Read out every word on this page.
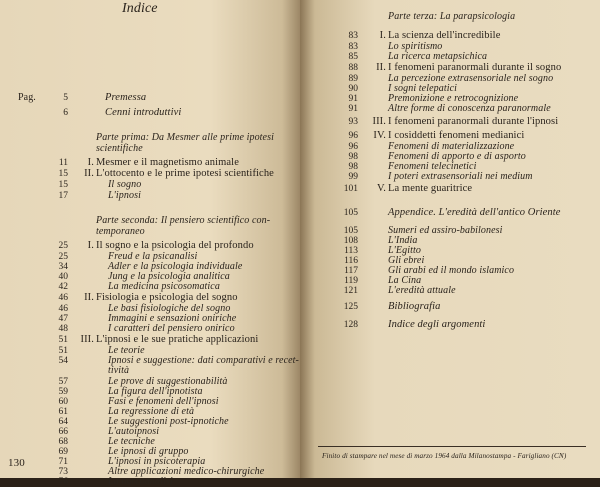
Indice
Pag.	5	Premessa
6	Cenni introduttivi
Parte prima: Da Mesmer alle prime ipotesi
scientifiche
11 I. Mesmer e il magnetismo animale
15 II. L'ottocento e le prime ipotesi scientifiche
15	Il sogno
17	L'ipnosi
Parte seconda: Il pensiero scientifico con-
temporaneo
25 I. Il sogno e la psicologia del profondo
25	Freud e la psicanalisi
34	Adler e la psicologia individuale
40	Jung e la psicologia analitica
42	La medicina psicosomatica
46 II. Fisiologia e psicologia del sogno
46	Le basi fisiologiche del sogno
47	Immagini e sensazioni oniriche
48	I caratteri del pensiero onirico
51 III. L'ipnosi e le sue pratiche applicazioni
51	Le teorie
54	Ipnosi e suggestione: dati comparativi e recet-
tività
57	Le prove di suggestionabilità
59	La figura dell'ipnotista
60	Fasi e fenomeni dell'ipnosi
61	La regressione di età
64	Le suggestioni post-ipnotiche
66	L'autoipnosi
68	Le tecniche
69	Le ipnosi di gruppo
71	L'ipnosi in psicoterapia
73	Altre applicazioni medico-chirurgiche
76	La narcoanalisi
130
Parte terza: La parapsicologia
83 I. La scienza dell'incredibile
83	Lo spiritismo
85	La ricerca metapsichica
88 II. I fenomeni paranormali durante il sogno
89	La percezione extrasensoriale nel sogno
90	I sogni telepatici
91	Premonizione e retrocognizione
91	Altre forme di conoscenza paranormale
93 III. I fenomeni paranormali durante l'ipnosi
96 IV. I cosiddetti fenomeni medianici
96	Fenomeni di materializzazione
98	Fenomeni di apporto e di asporto
98	Fenomeni telecinetici
99	I poteri extrasensoriali nei medium
101 V. La mente guaritrice
105	Appendice. L'eredità dell'antico Oriente
105	Sumeri ed assiro-babilonesi
108	L'India
113	L'Egitto
116	Gli ebrei
117	Gli arabi ed il mondo islamico
119	La Cina
121	L'eredità attuale
125	Bibliografia
128	Indice degli argomenti
Finito di stampare nel mese di marzo 1964 dalla Milanostampa - Farigliano (CN)
